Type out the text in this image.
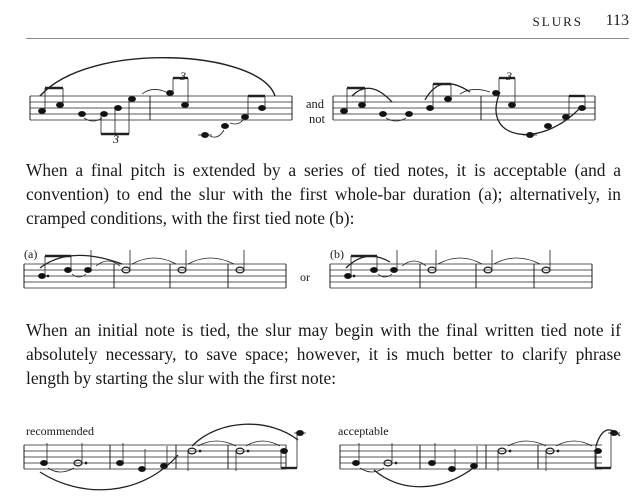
SLURS 113
and
not
(a)	(b)
or
recommended	acceptable

When a final pitch is extended by a series of tied notes, it is acceptable (and a convention) to end the slur with the first whole-bar duration (a); alternatively, in cramped conditions, with the first tied note (b):

When an initial note is tied, the slur may begin with the final written tied note if absolutely necessary, to save space; however, it is much better to clarify phrase length by starting the slur with the first note:

3
3
3
